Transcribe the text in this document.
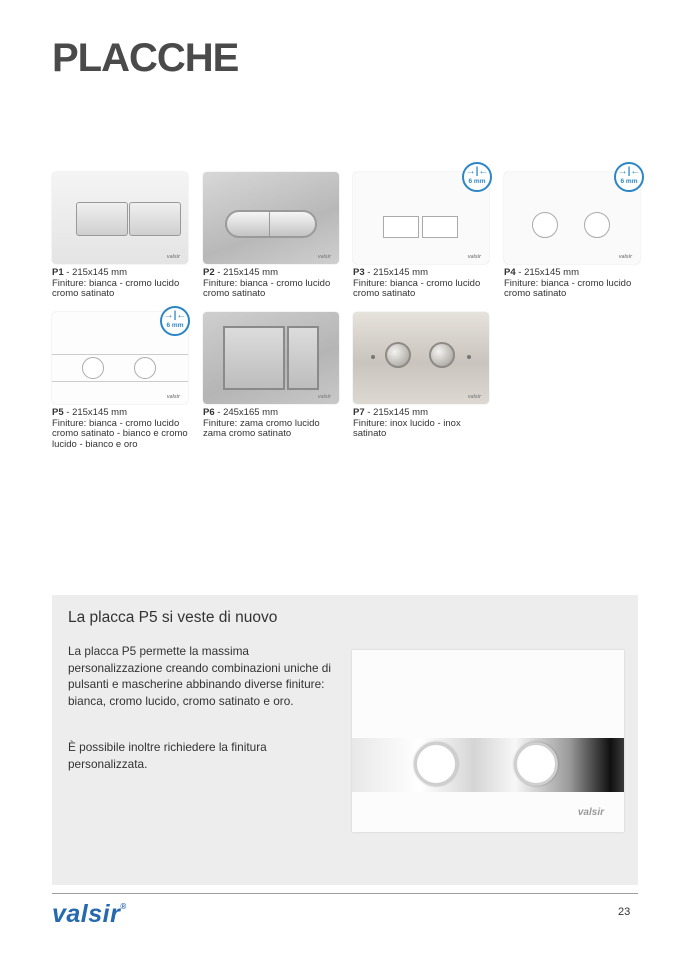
PLACCHE
valsir
P1 - 215x145 mm
Finiture: bianca - cromo lucido cromo satinato
valsir
P2 - 215x145 mm
Finiture: bianca - cromo lucido cromo satinato
valsir
P3 - 215x145 mm
Finiture: bianca - cromo lucido cromo satinato
→|←
6 mm
valsir
P4 - 215x145 mm
Finiture: bianca - cromo lucido cromo satinato
→|←
6 mm
valsir
P5 - 215x145 mm
Finiture: bianca - cromo lucido cromo satinato - bianco e cromo lucido - bianco e oro
→|←
6 mm
valsir
P6 - 245x165 mm
Finiture: zama cromo lucido zama cromo satinato
valsir
P7 - 215x145 mm
Finiture: inox lucido - inox satinato
La placca P5 si veste di nuovo

La placca P5 permette la massima personalizzazione creando combinazioni uniche di pulsanti e mascherine abbinando diverse finiture: bianca, cromo lucido, cromo satinato e oro.

È possibile inoltre richiedere la finitura personalizzata.

valsir
valsir®	23
